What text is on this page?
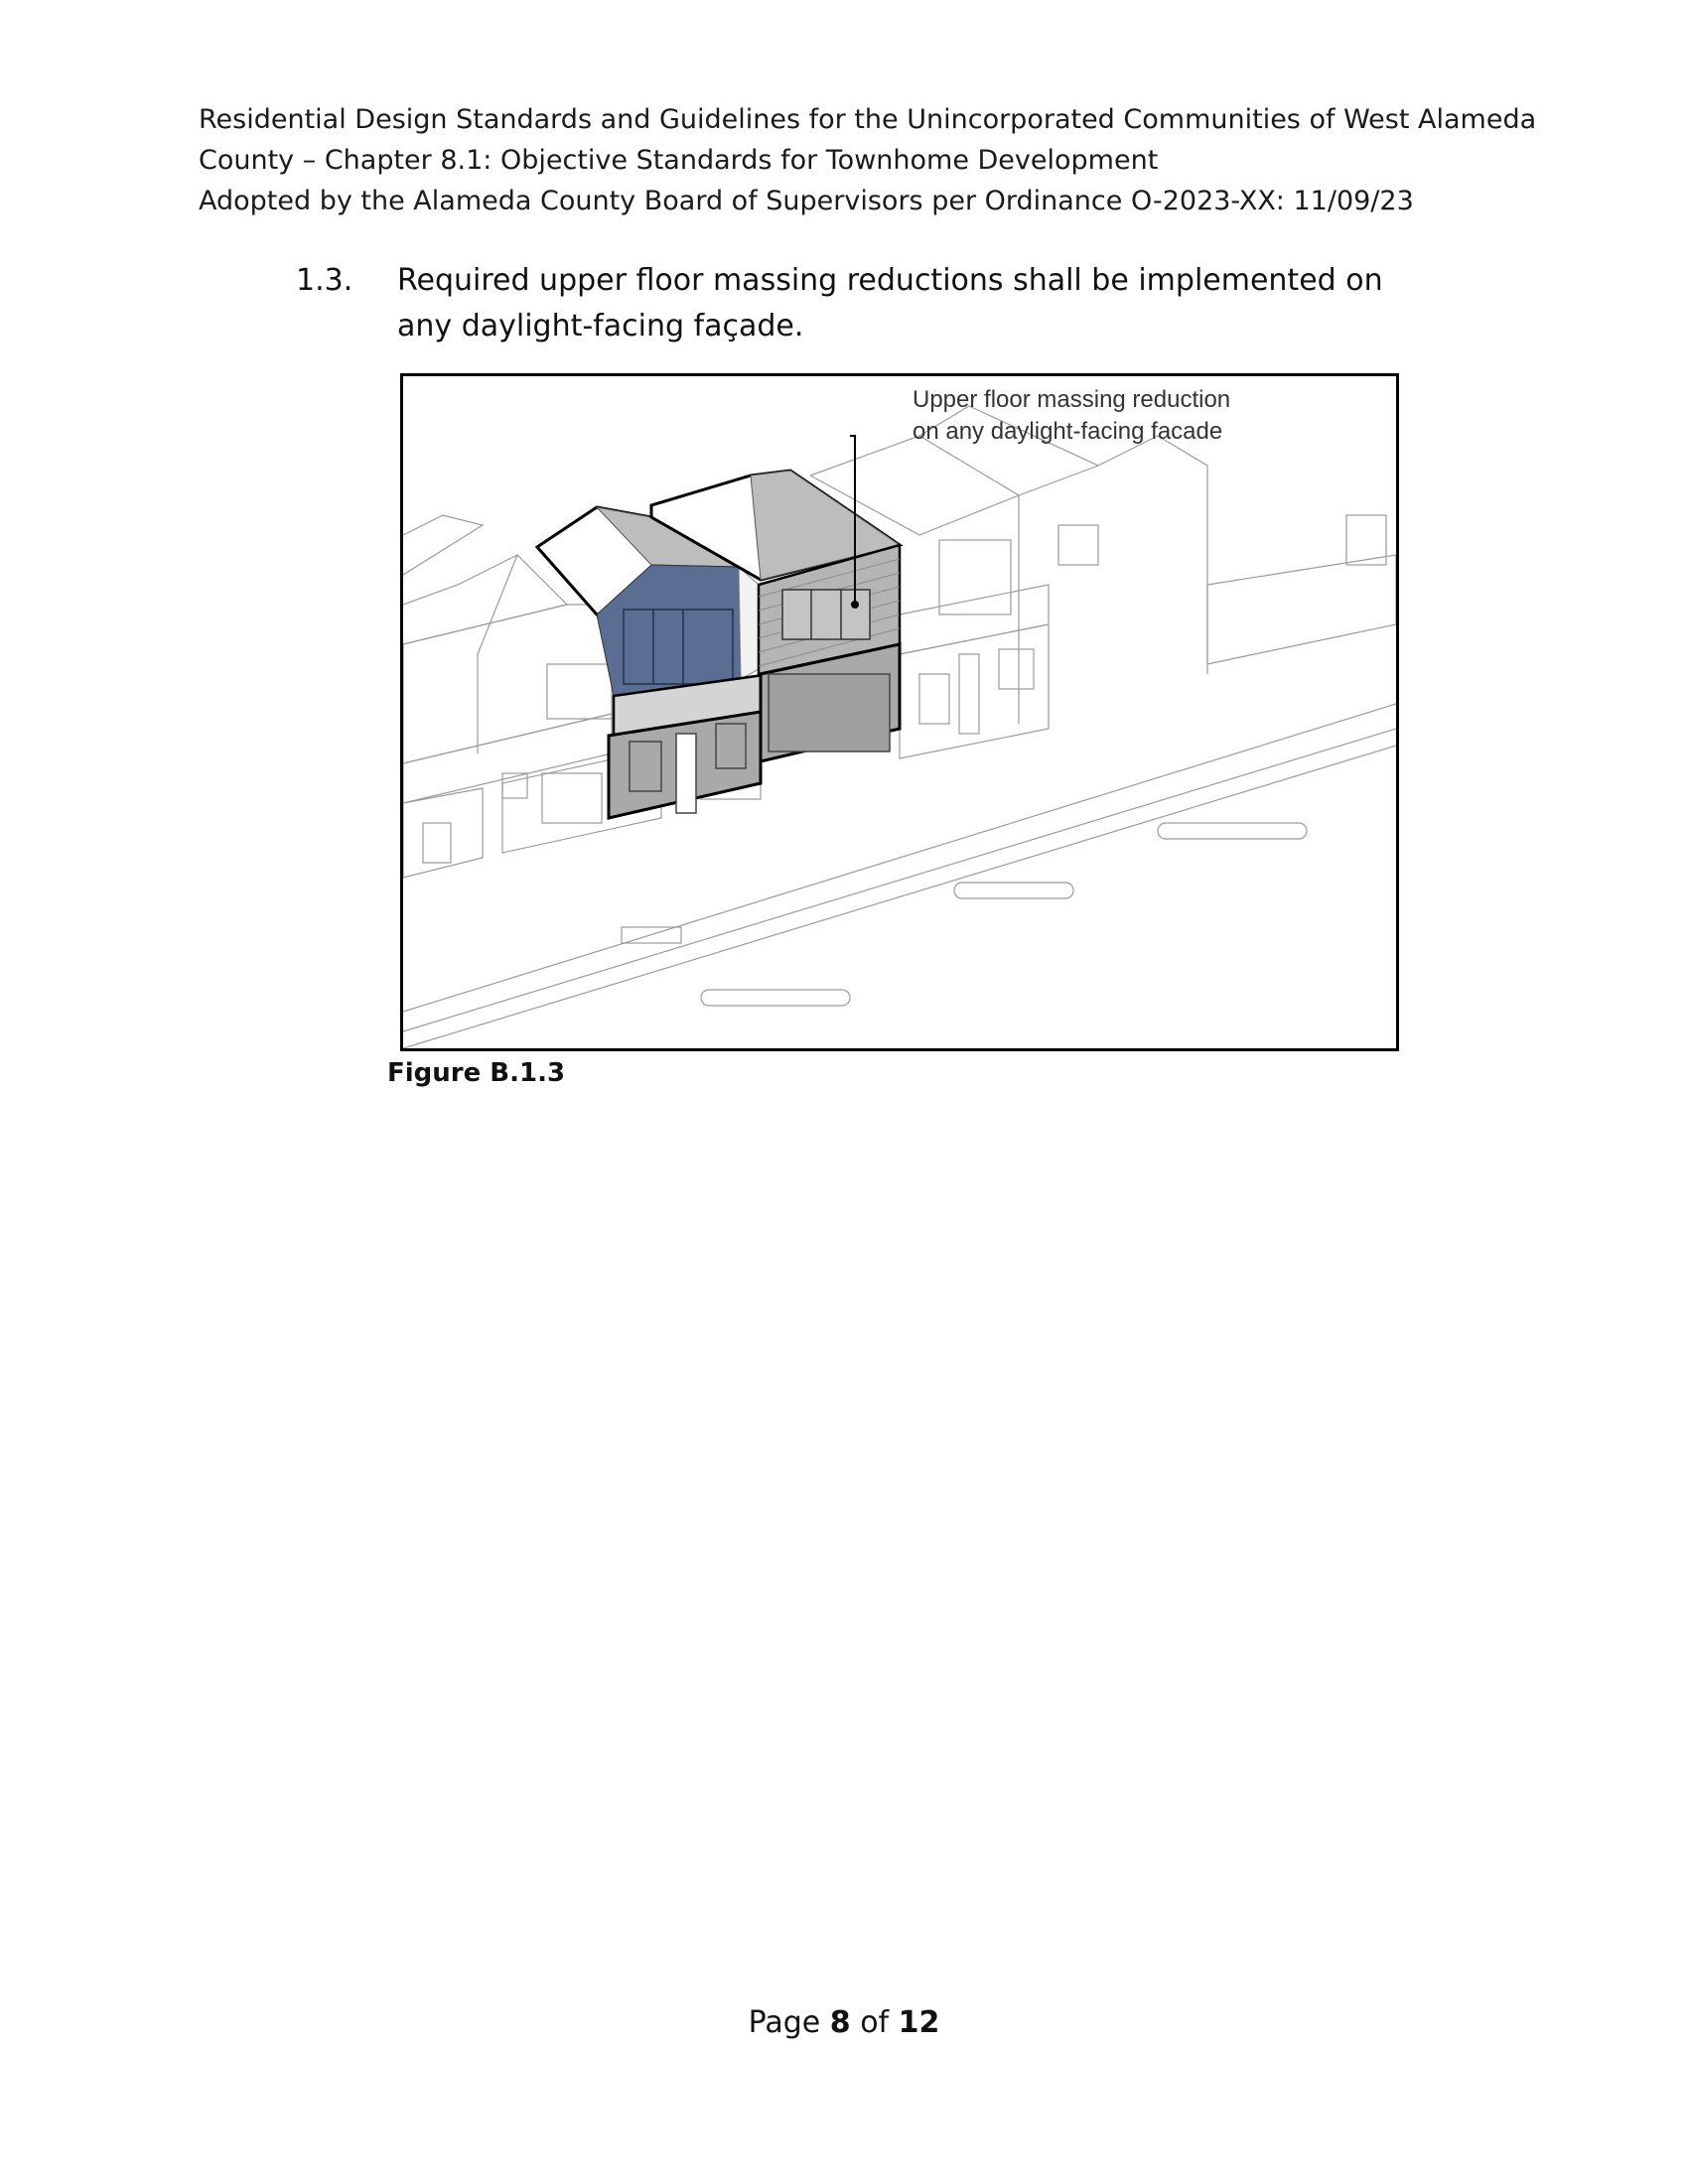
Residential Design Standards and Guidelines for the Unincorporated Communities of West Alameda
County – Chapter 8.1: Objective Standards for Townhome Development
Adopted by the Alameda County Board of Supervisors per Ordinance O-2023-XX: 11/09/23
1.3. Required upper floor massing reductions shall be implemented on any daylight-facing façade.
Upper floor massing reduction
on any daylight-facing facade
Figure B.1.3
Page 8 of 12
